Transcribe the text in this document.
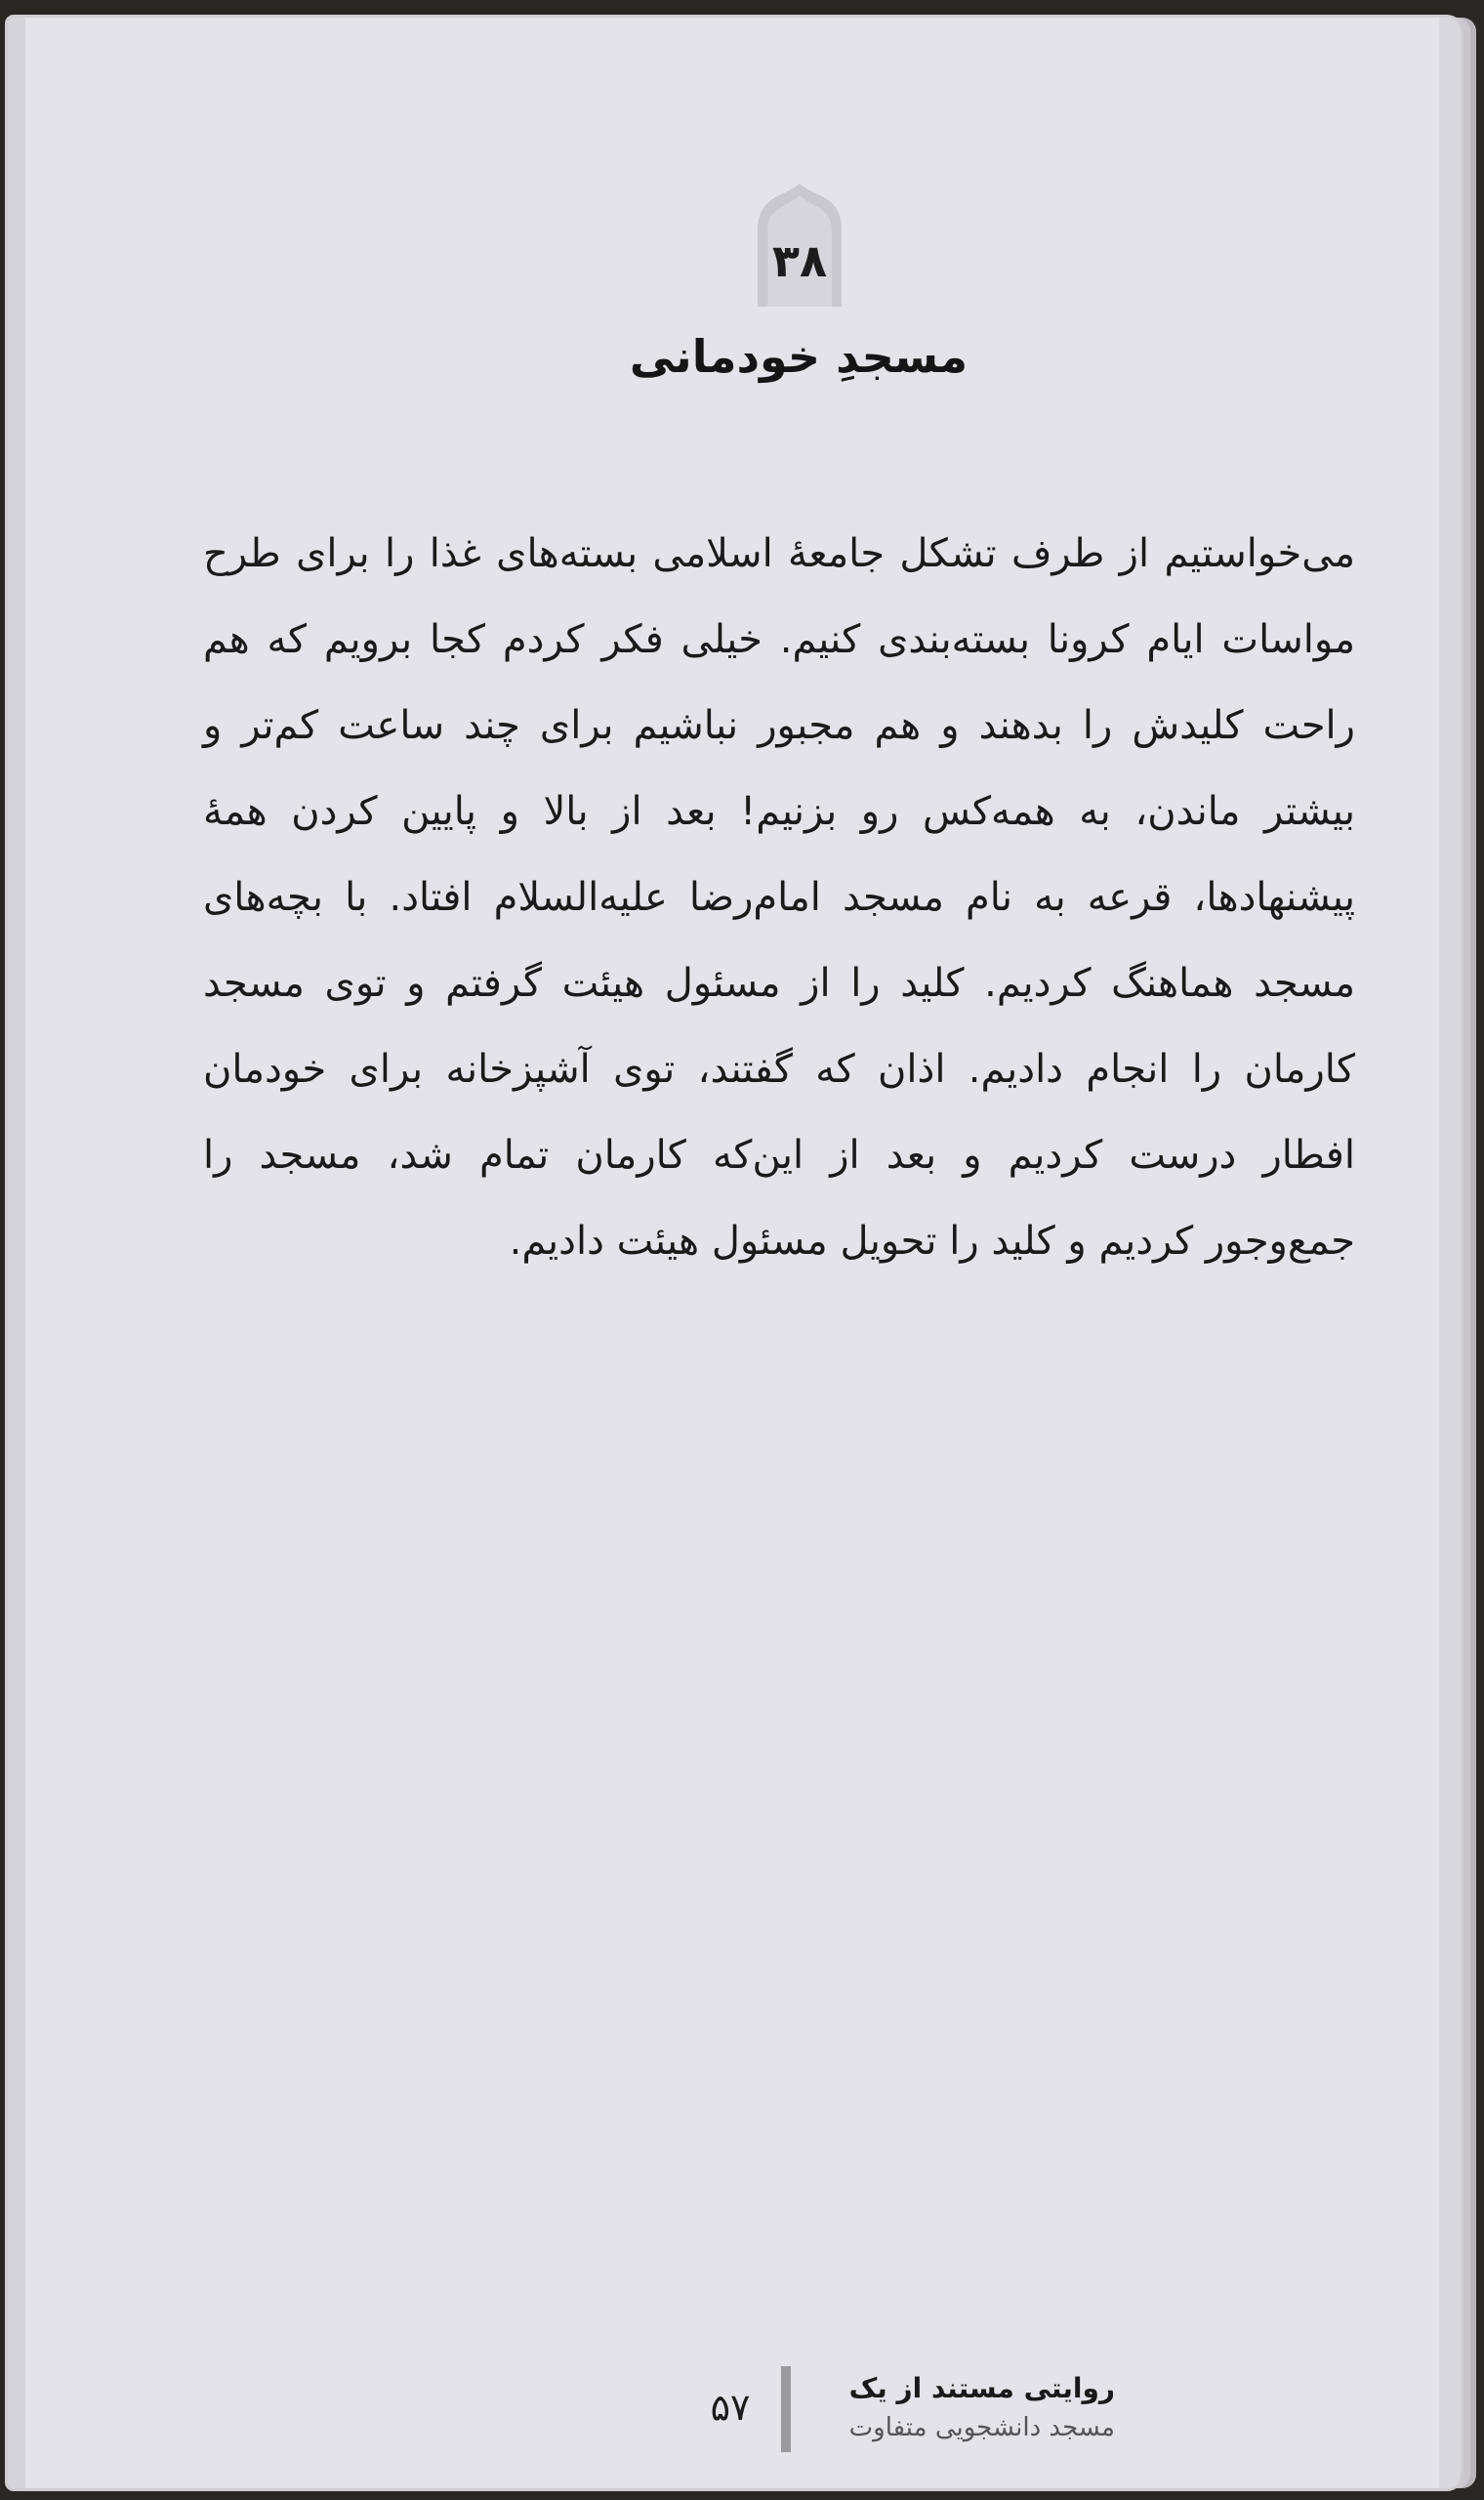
۳۸
مسجدِ خودمانی

می‌خواستیم از طرف تشکل جامعهٔ اسلامی بسته‌های غذا را برای طرح مواسات ایام کرونا بسته‌بندی کنیم. خیلی فکر کردم کجا برویم که هم راحت کلیدش را بدهند و هم مجبور نباشیم برای چند ساعت کم‌تر و بیشتر ماندن، به همه‌کس رو بزنیم! بعد از بالا و پایین کردن همهٔ پیشنهادها، قرعه به نام مسجد امام‌رضا علیه‌السلام افتاد. با بچه‌های مسجد هماهنگ کردیم. کلید را از مسئول هیئت گرفتم و توی مسجد کارمان را انجام دادیم. اذان که گفتند، توی آشپزخانه برای خودمان افطار درست کردیم و بعد از این‌که کارمان تمام شد، مسجد را جمع‌وجور کردیم و کلید را تحویل مسئول هیئت دادیم.

۵۷	روایتی مستند از یک
مسجد دانشجویی متفاوت
